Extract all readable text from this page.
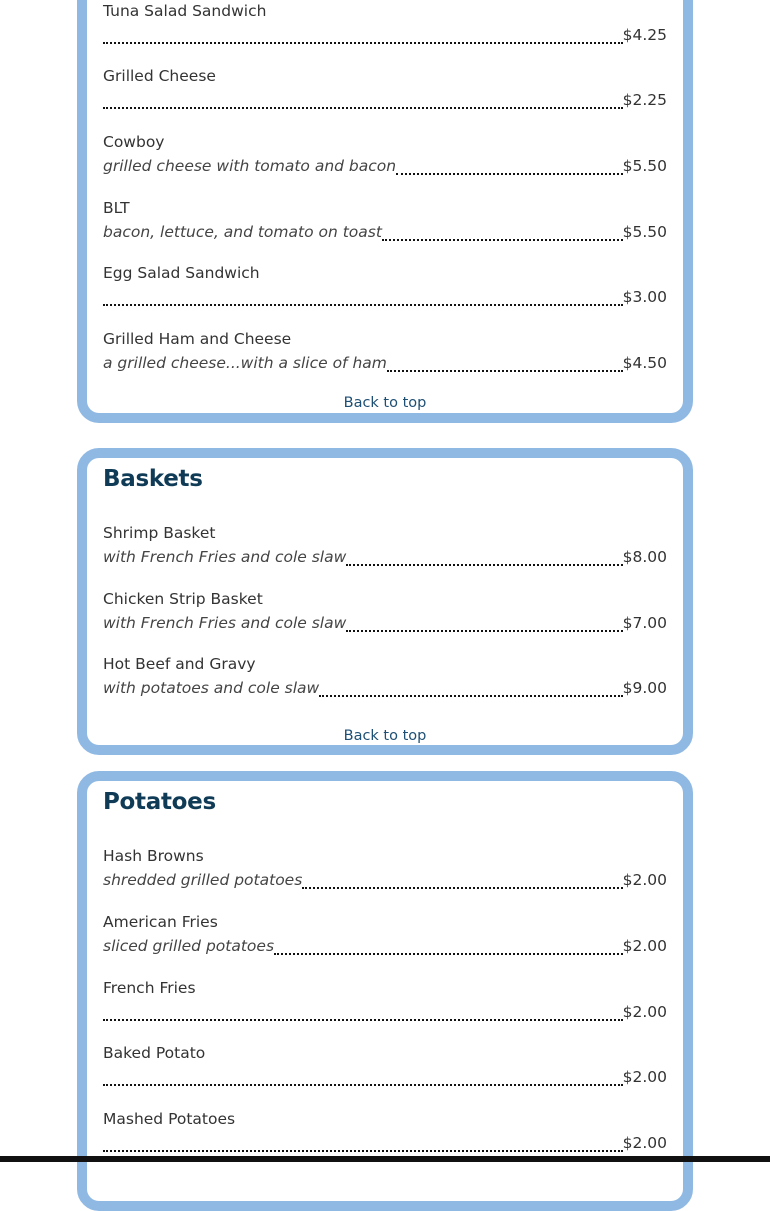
Tuna Salad Sandwich
$4.25
Grilled Cheese
$2.25
Cowboy
grilled cheese with tomato and bacon	$5.50
BLT
bacon, lettuce, and tomato on toast	$5.50
Egg Salad Sandwich
$3.00
Grilled Ham and Cheese
a grilled cheese...with a slice of ham	$4.50
Back to top
Baskets
Shrimp Basket
with French Fries and cole slaw	$8.00
Chicken Strip Basket
with French Fries and cole slaw	$7.00
Hot Beef and Gravy
with potatoes and cole slaw	$9.00
Back to top
Potatoes
Hash Browns
shredded grilled potatoes	$2.00
American Fries
sliced grilled potatoes	$2.00
French Fries
$2.00
Baked Potato
$2.00
Mashed Potatoes
$2.00
